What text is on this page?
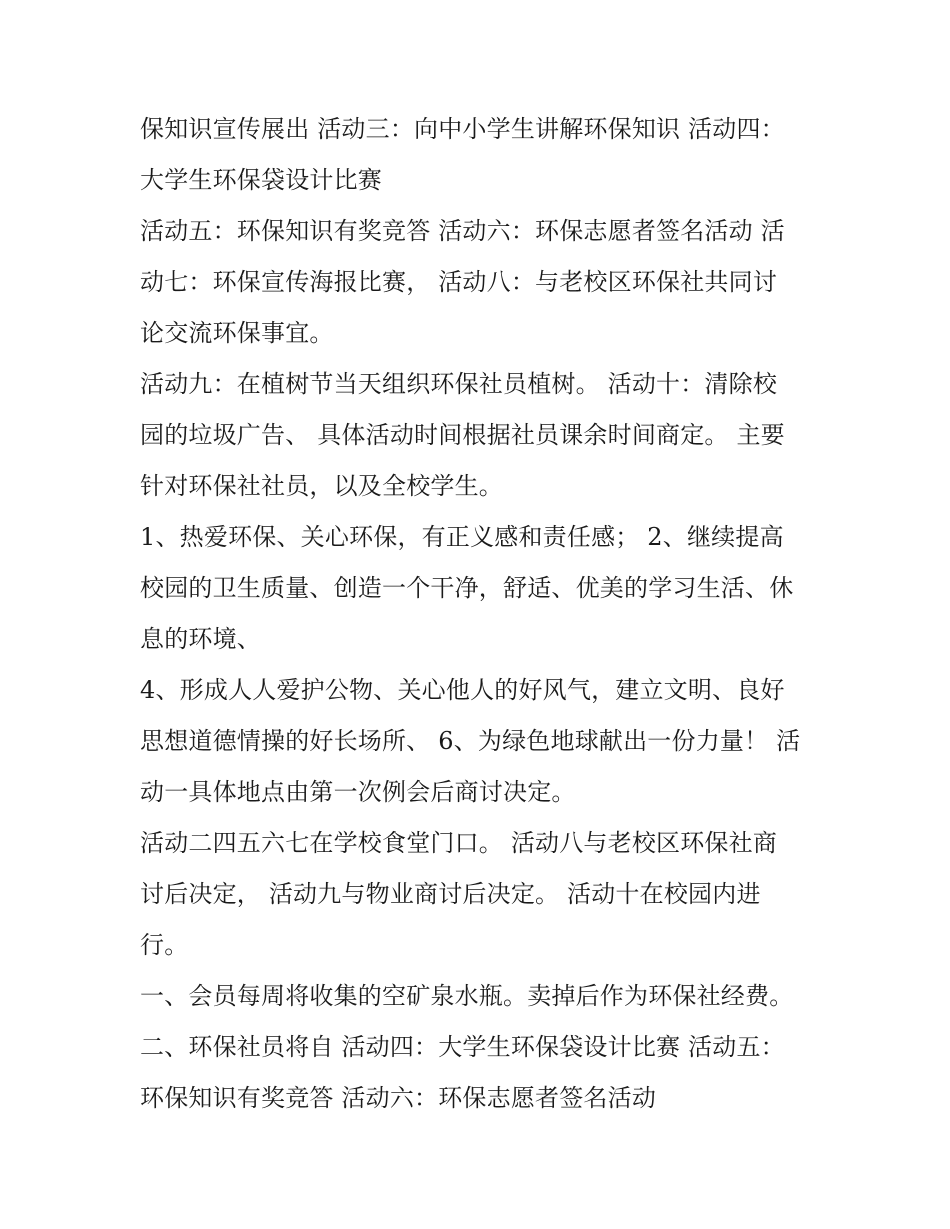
保知识宣传展出 活动三：向中小学生讲解环保知识 活动四：
大学生环保袋设计比赛
活动五：环保知识有奖竞答 活动六：环保志愿者签名活动 活
动七：环保宣传海报比赛， 活动八：与老校区环保社共同讨
论交流环保事宜。
活动九：在植树节当天组织环保社员植树。 活动十：清除校
园的垃圾广告、 具体活动时间根据社员课余时间商定。 主要
针对环保社社员，以及全校学生。
1、热爱环保、关心环保，有正义感和责任感； 2、继续提高
校园的卫生质量、创造一个干净，舒适、优美的学习生活、休
息的环境、
4、形成人人爱护公物、关心他人的好风气，建立文明、良好
思想道德情操的好长场所、 6、为绿色地球献出一份力量！ 活
动一具体地点由第一次例会后商讨决定。
活动二四五六七在学校食堂门口。 活动八与老校区环保社商
讨后决定， 活动九与物业商讨后决定。 活动十在校园内进
行。
一、会员每周将收集的空矿泉水瓶。卖掉后作为环保社经费。
二、环保社员将自 活动四：大学生环保袋设计比赛 活动五：
环保知识有奖竞答 活动六：环保志愿者签名活动
